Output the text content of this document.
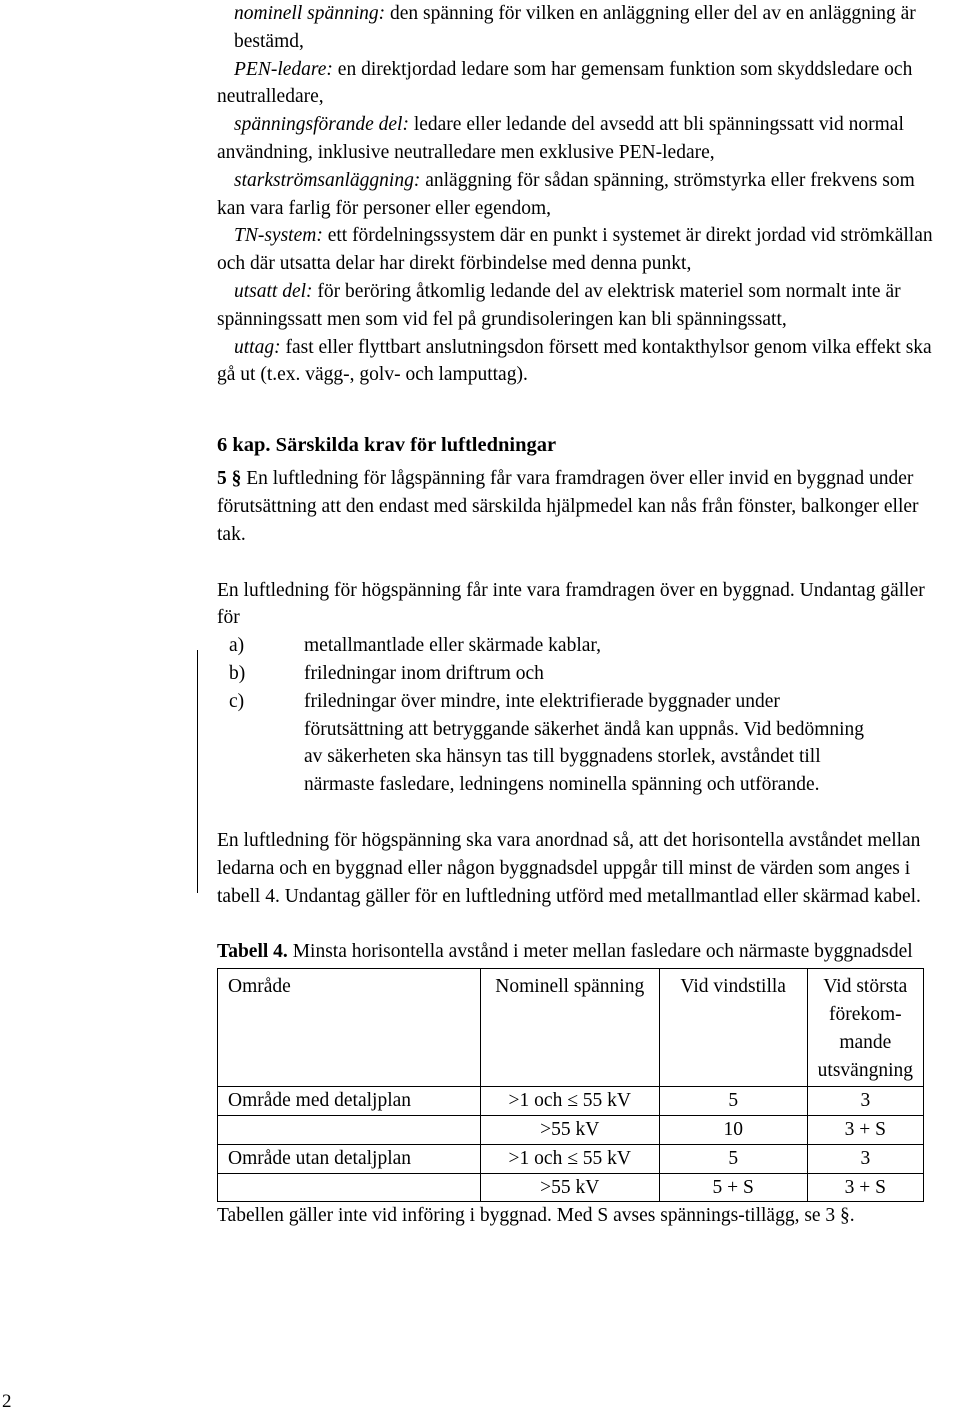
nominell spänning: den spänning för vilken en anläggning eller del av en anläggning är bestämd,
PEN-ledare: en direktjordad ledare som har gemensam funktion som skyddsledare och neutralledare,
spänningsförande del: ledare eller ledande del avsedd att bli spänningssatt vid normal användning, inklusive neutralledare men exklusive PEN-ledare,
starkströmsanläggning: anläggning för sådan spänning, strömstyrka eller frekvens som kan vara farlig för personer eller egendom,
TN-system: ett fördelningssystem där en punkt i systemet är direkt jordad vid strömkällan och där utsatta delar har direkt förbindelse med denna punkt,
utsatt del: för beröring åtkomlig ledande del av elektrisk materiel som normalt inte är spänningssatt men som vid fel på grundisoleringen kan bli spänningssatt,
uttag: fast eller flyttbart anslutningsdon försett med kontakthylsor genom vilka effekt ska gå ut (t.ex. vägg-, golv- och lamputtag).
6 kap. Särskilda krav för luftledningar
5 § En luftledning för lågspänning får vara framdragen över eller invid en byggnad under förutsättning att den endast med särskilda hjälpmedel kan nås från fönster, balkonger eller tak.
En luftledning för högspänning får inte vara framdragen över en byggnad. Undantag gäller för
a)	metallmantlade eller skärmade kablar,
b)	friledningar inom driftrum och
c)	friledningar över mindre, inte elektrifierade byggnader under förutsättning att betryggande säkerhet ändå kan uppnås. Vid bedömning av säkerheten ska hänsyn tas till byggnadens storlek, avståndet till närmaste fasledare, ledningens nominella spänning och utförande.
En luftledning för högspänning ska vara anordnad så, att det horisontella avståndet mellan ledarna och en byggnad eller någon byggnadsdel uppgår till minst de värden som anges i tabell 4. Undantag gäller för en luftledning utförd med metallmantlad eller skärmad kabel.
Tabell 4. Minsta horisontella avstånd i meter mellan fasledare och närmaste byggnadsdel
Område	Nominell spänning	Vid vindstilla	Vid största förekom-mande utsvängning
Område med detaljplan	>1 och ≤ 55 kV	5	3
	>55 kV	10	3 + S
Område utan detaljplan	>1 och ≤ 55 kV	5	3
	>55 kV	5 + S	3 + S
Tabellen gäller inte vid införing i byggnad. Med S avses spännings-tillägg, se 3 §.
2
